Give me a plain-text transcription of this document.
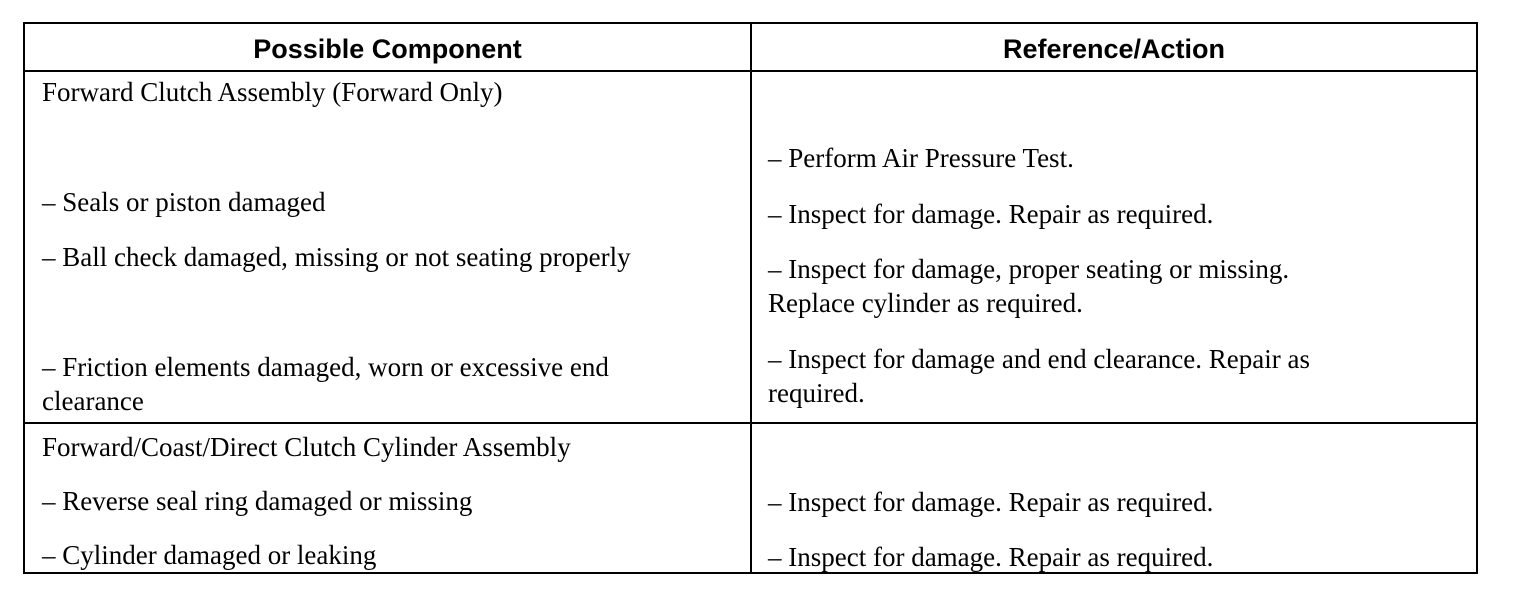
Possible Component	Reference/Action
Forward Clutch Assembly (Forward Only)
– Seals or piston damaged
– Ball check damaged, missing or not seating properly
– Friction elements damaged, worn or excessive end
clearance
– Perform Air Pressure Test.
– Inspect for damage. Repair as required.
– Inspect for damage, proper seating or missing.
Replace cylinder as required.
– Inspect for damage and end clearance. Repair as
required.
Forward/Coast/Direct Clutch Cylinder Assembly
– Reverse seal ring damaged or missing
– Cylinder damaged or leaking
– Inspect for damage. Repair as required.
– Inspect for damage. Repair as required.
